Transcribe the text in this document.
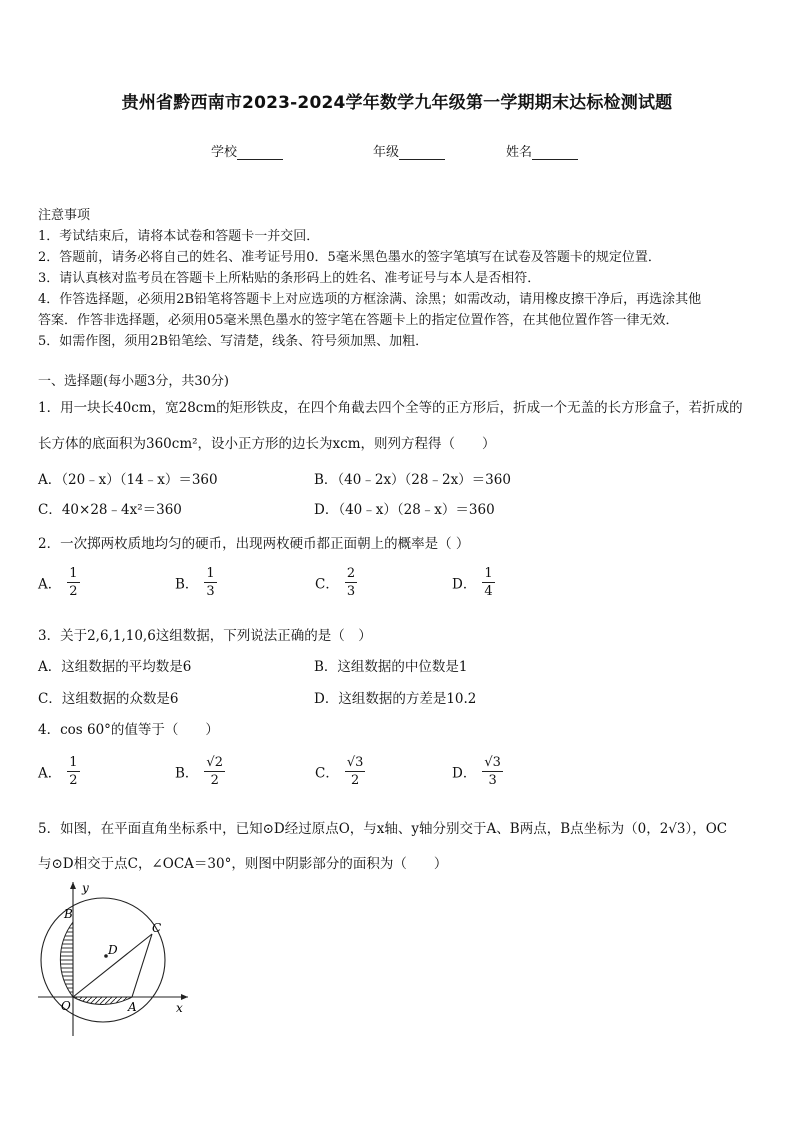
贵州省黔西南市2023-2024学年数学九年级第一学期期末达标检测试题
学校	年级	姓名
注意事项
1．考试结束后，请将本试卷和答题卡一并交回．
2．答题前，请务必将自己的姓名、准考证号用0．5毫米黑色墨水的签字笔填写在试卷及答题卡的规定位置．
3．请认真核对监考员在答题卡上所粘贴的条形码上的姓名、准考证号与本人是否相符．
4．作答选择题，必须用2B铅笔将答题卡上对应选项的方框涂满、涂黑；如需改动，请用橡皮擦干净后，再选涂其他
答案．作答非选择题，必须用05毫米黑色墨水的签字笔在答题卡上的指定位置作答，在其他位置作答一律无效．
5．如需作图，须用2B铅笔绘、写清楚，线条、符号须加黑、加粗．
一、选择题(每小题3分，共30分)
1．用一块长40cm，宽28cm的矩形铁皮，在四个角截去四个全等的正方形后，折成一个无盖的长方形盒子，若折成的
长方体的底面积为360cm²，设小正方形的边长为xcm，则列方程得（　　）
A．（20﹣x）（14﹣x）＝360	B．（40﹣2x）（28﹣2x）＝360
C．40×28﹣4x²＝360	D．（40﹣x）（28﹣x）＝360
2．一次掷两枚质地均匀的硬币，出现两枚硬币都正面朝上的概率是（ ）
A． $\frac{1}{2}$	B． $\frac{1}{3}$	C． $\frac{2}{3}$	D． $\frac{1}{4}$
3．关于2,6,1,10,6这组数据，下列说法正确的是（　）
A．这组数据的平均数是6	B．这组数据的中位数是1
C．这组数据的众数是6	D．这组数据的方差是10.2
4．cos 60°的值等于（　　）
A． $\frac{1}{2}$	B． $\frac{√2}{2}$	C． $\frac{√3}{2}$	D． $\frac{√3}{3}$
5．如图，在平面直角坐标系中，已知⊙D经过原点O，与x轴、y轴分别交于A、B两点，B点坐标为（0，2√3），OC
与⊙D相交于点C，∠OCA＝30°，则图中阴影部分的面积为（　　）
y
x
B
C
D
O	A
